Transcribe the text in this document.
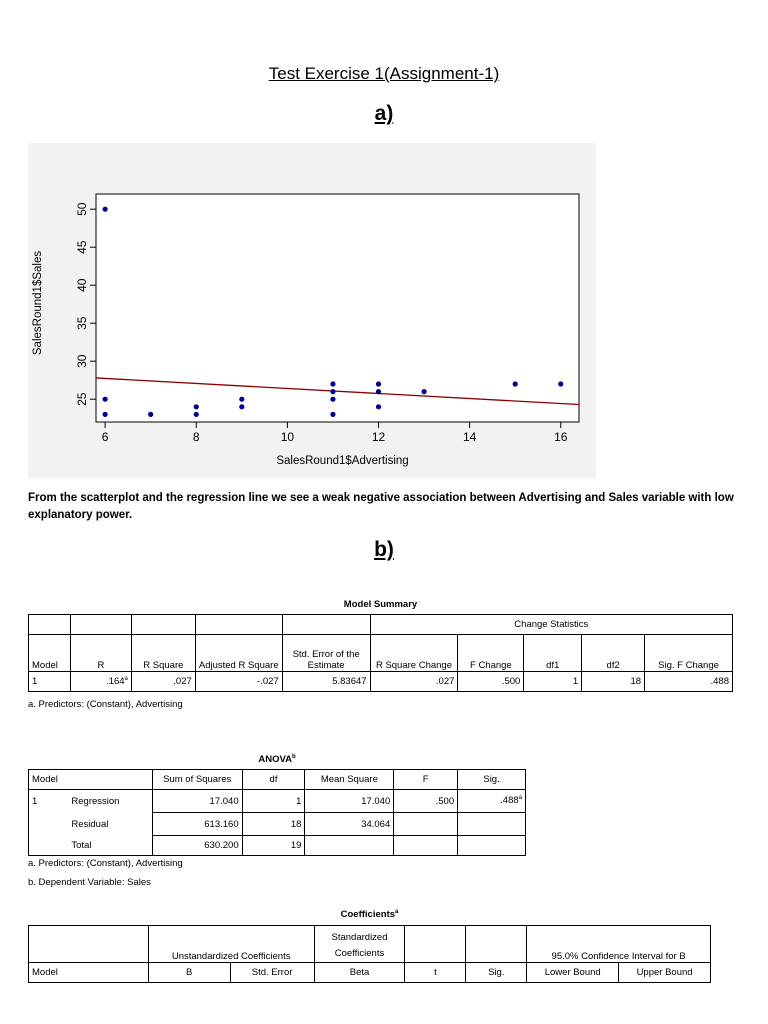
Test Exercise 1(Assignment-1)
a)
6	8	10	12	14	16
25
30
35
40
45
50
SalesRound1$Advertising
SalesRound1$Sales
From the scatterplot and the regression line we see a weak negative association between Advertising and Sales variable with low explanatory power.
b)
Model Summary
					Change Statistics				
Model	R	R Square	Adjusted R Square	Std. Error of the Estimate	R Square Change	F Change	df1	df2	Sig. F Change
1	.164$^a$	.027	-.027	5.83647	.027	.500	1	18	.488
a. Predictors: (Constant), Advertising
ANOVA$^b$
Model		Sum of Squares	df	Mean Square	F	Sig.
1	Regression	17.040	1	17.040	.500	.488$^a$
	Residual	613.160	18	34.064		
	Total	630.200	19			
a. Predictors: (Constant), Advertising
b. Dependent Variable: Sales
Coefficients$^a$
	Unstandardized Coefficients		Standardized Coefficients			95.0% Confidence Interval for B	
Model	B	Std. Error	Beta	t	Sig.	Lower Bound	Upper Bound
